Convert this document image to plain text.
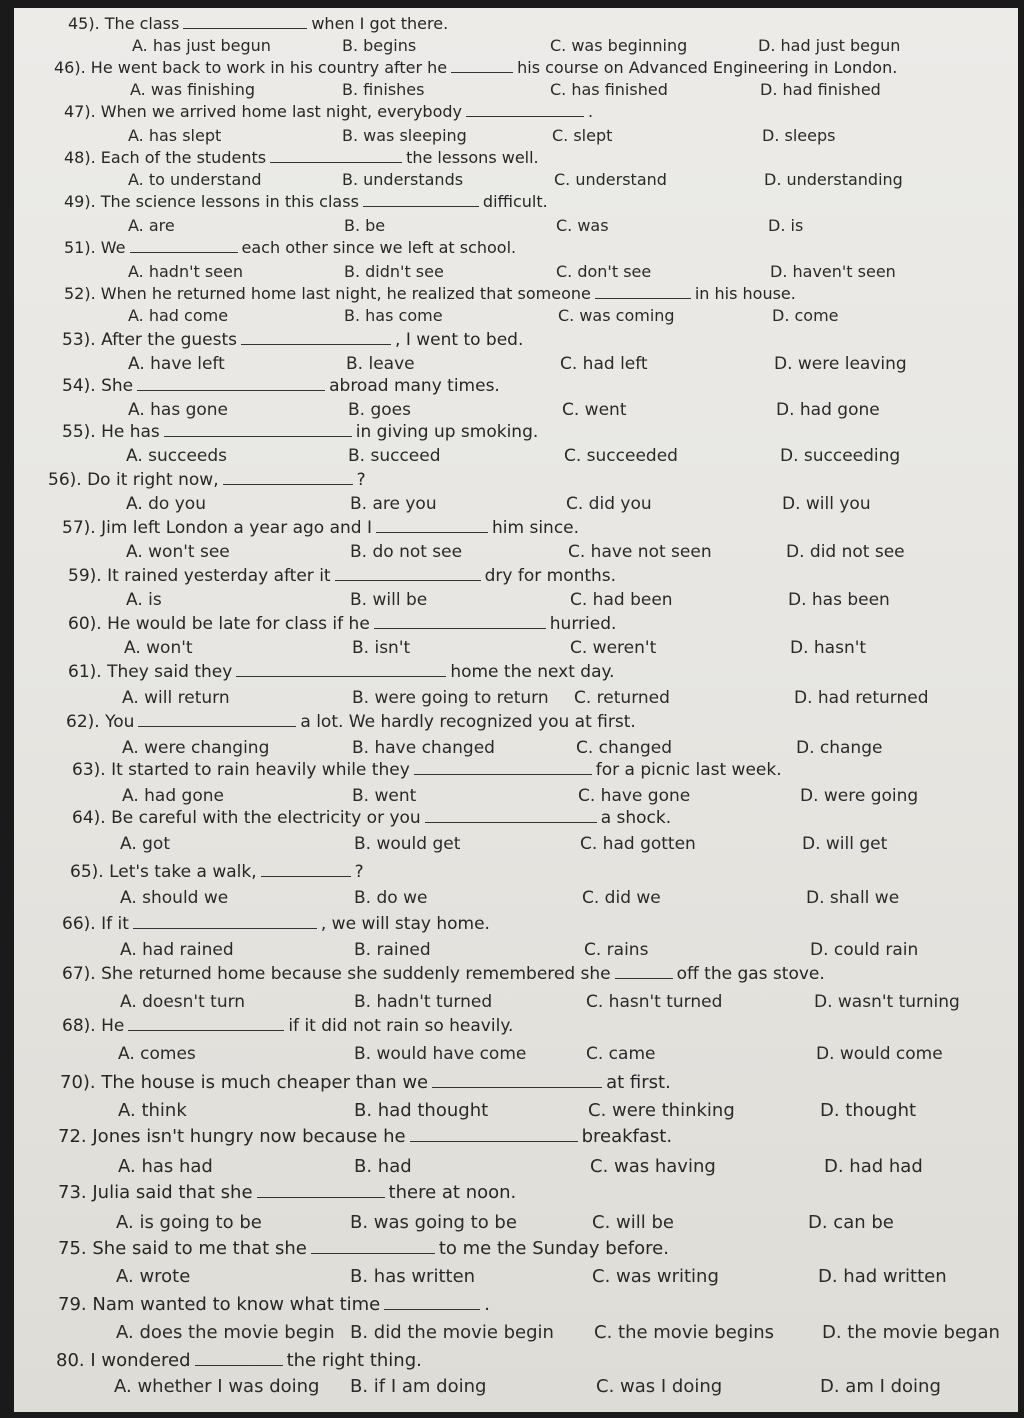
45). The class	when I got there.
A. has just begun	B. begins	C. was beginning	D. had just begun
46). He went back to work in his country after he	his course on Advanced Engineering in London.
A. was finishing	B. finishes	C. has finished	D. had finished
47). When we arrived home last night, everybody	.
A. has slept	B. was sleeping	C. slept	D. sleeps
48). Each of the students	the lessons well.
A. to understand	B. understands	C. understand	D. understanding
49). The science lessons in this class	difficult.
A. are	B. be	C. was	D. is
51). We	each other since we left at school.
A. hadn't seen	B. didn't see	C. don't see	D. haven't seen
52). When he returned home last night, he realized that someone	in his house.
A. had come	B. has come	C. was coming	D. come
53). After the guests	, I went to bed.
A. have left	B. leave	C. had left	D. were leaving
54). She	abroad many times.
A. has gone	B. goes	C. went	D. had gone
55). He has	in giving up smoking.
A. succeeds	B. succeed	C. succeeded	D. succeeding
56). Do it right now,	?
A. do you	B. are you	C. did you	D. will you
57). Jim left London a year ago and I	him since.
A. won't see	B. do not see	C. have not seen	D. did not see
59). It rained yesterday after it	dry for months.
A. is	B. will be	C. had been	D. has been
60). He would be late for class if he	hurried.
A. won't	B. isn't	C. weren't	D. hasn't
61). They said they	home the next day.
A. will return	B. were going to return C. returned	D. had returned
62). You	a lot. We hardly recognized you at first.
A. were changing	B. have changed	C. changed	D. change
63). It started to rain heavily while they	for a picnic last week.
A. had gone	B. went	C. have gone	D. were going
64). Be careful with the electricity or you	a shock.
A. got	B. would get	C. had gotten	D. will get
65). Let's take a walk,	?
A. should we	B. do we	C. did we	D. shall we
66). If it	, we will stay home.
A. had rained	B. rained	C. rains	D. could rain
67). She returned home because she suddenly remembered she	off the gas stove.
A. doesn't turn	B. hadn't turned	C. hasn't turned	D. wasn't turning
68). He	if it did not rain so heavily.
A. comes	B. would have come	C. came	D. would come
70). The house is much cheaper than we	at first.
A. think	B. had thought	C. were thinking	D. thought
72. Jones isn't hungry now because he	breakfast.
A. has had	B. had	C. was having	D. had had
73. Julia said that she	there at noon.
A. is going to be	B. was going to be	C. will be	D. can be
75. She said to me that she	to me the Sunday before.
A. wrote	B. has written	C. was writing	D. had written
79. Nam wanted to know what time	.
A. does the movie begin B. did the movie begin C. the movie begins	D. the movie began
80. I wondered	the right thing.
A. whether I was doing B. if I am doing	C. was I doing	D. am I doing
